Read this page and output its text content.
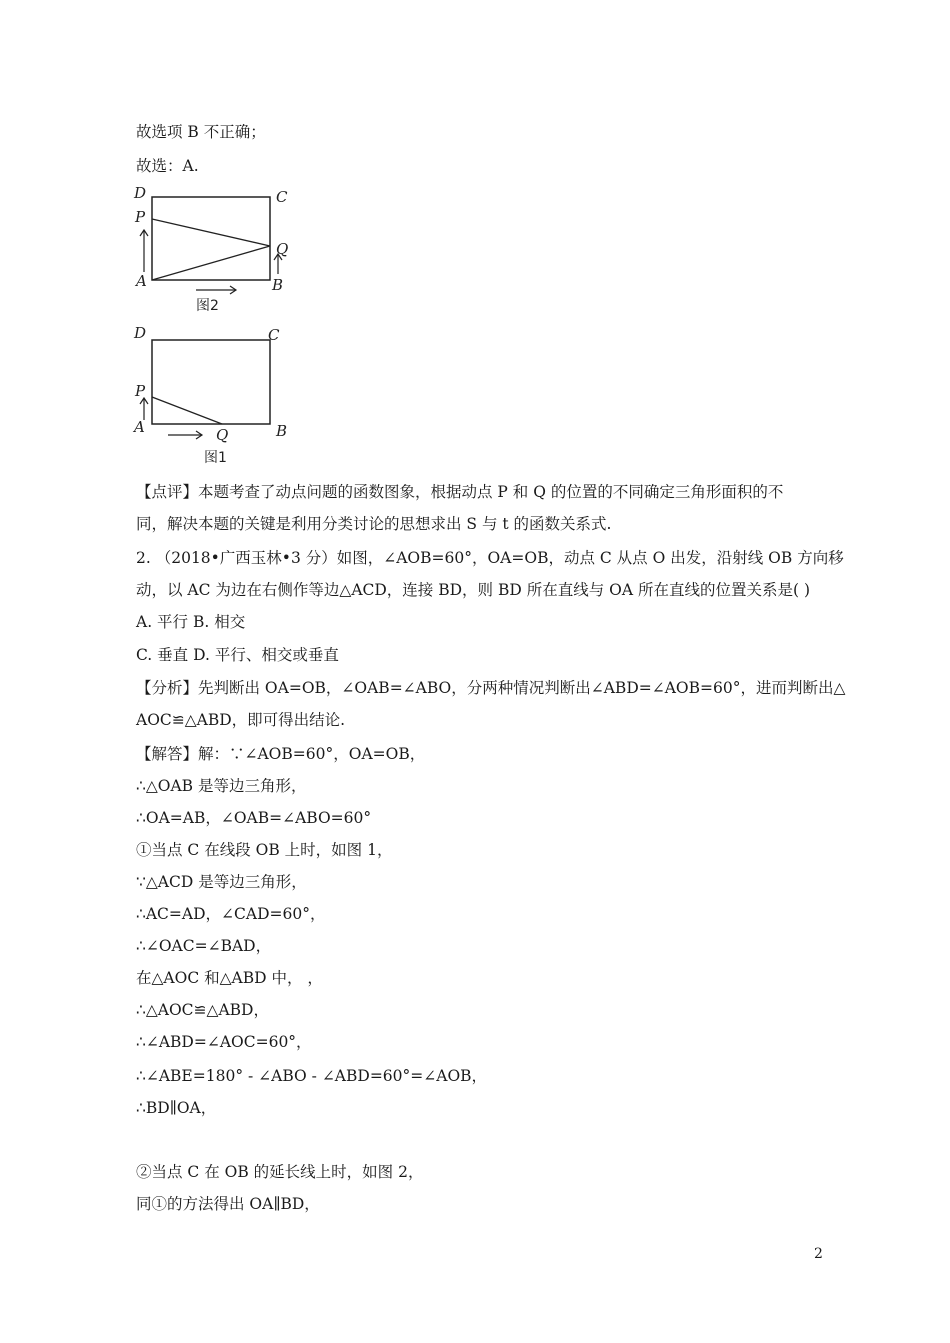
故选项 B 不正确；
故选：A.
D	C
P
Q
A	B
图2
D	C
P
A	Q	B
图1
【点评】本题考查了动点问题的函数图象，根据动点 P 和 Q 的位置的不同确定三角形面积的不
同，解决本题的关键是利用分类讨论的思想求出 S 与 t 的函数关系式.
2. （2018•广西玉林•3 分）如图，∠AOB=60°，OA=OB，动点 C 从点 O 出发，沿射线 OB 方向移
动，以 AC 为边在右侧作等边△ACD，连接 BD，则 BD 所在直线与 OA 所在直线的位置关系是( )
A. 平行 B. 相交
C. 垂直 D. 平行、相交或垂直
【分析】先判断出 OA=OB，∠OAB=∠ABO，分两种情况判断出∠ABD=∠AOB=60°，进而判断出△
AOC≌△ABD，即可得出结论.
【解答】解：∵∠AOB=60°，OA=OB，
∴△OAB 是等边三角形，
∴OA=AB，∠OAB=∠ABO=60°
①当点 C 在线段 OB 上时，如图 1，
∵△ACD 是等边三角形，
∴AC=AD，∠CAD=60°，
∴∠OAC=∠BAD，
在△AOC 和△ABD 中， ，
∴△AOC≌△ABD，
∴∠ABD=∠AOC=60°，
∴∠ABE=180° - ∠ABO - ∠ABD=60°=∠AOB，
∴BD∥OA，
②当点 C 在 OB 的延长线上时，如图 2，
同①的方法得出 OA∥BD，
2
